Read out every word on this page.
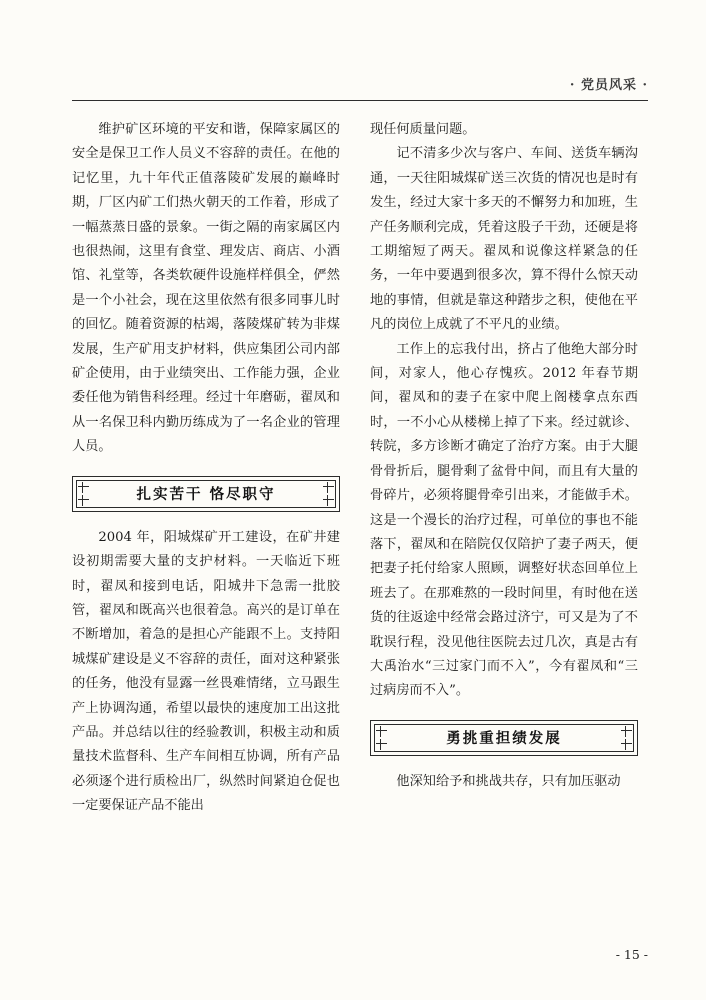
· 党员风采 ·

维护矿区环境的平安和谐，保障家属区的安全是保卫工作人员义不容辞的责任。在他的记忆里，九十年代正值落陵矿发展的巅峰时期，厂区内矿工们热火朝天的工作着，形成了一幅蒸蒸日盛的景象。一街之隔的南家属区内也很热闹，这里有食堂、理发店、商店、小酒馆、礼堂等，各类软硬件设施样样俱全，俨然是一个小社会，现在这里依然有很多同事儿时的回忆。随着资源的枯竭，落陵煤矿转为非煤发展，生产矿用支护材料，供应集团公司内部矿企使用，由于业绩突出、工作能力强，企业委任他为销售科经理。经过十年磨砺，翟凤和从一名保卫科内勤历练成为了一名企业的管理人员。

扎实苦干 恪尽职守

2004 年，阳城煤矿开工建设，在矿井建设初期需要大量的支护材料。一天临近下班时，翟凤和接到电话，阳城井下急需一批胶管，翟凤和既高兴也很着急。高兴的是订单在不断增加，着急的是担心产能跟不上。支持阳城煤矿建设是义不容辞的责任，面对这种紧张的任务，他没有显露一丝畏难情绪，立马跟生产上协调沟通，希望以最快的速度加工出这批产品。并总结以往的经验教训，积极主动和质量技术监督科、生产车间相互协调，所有产品必须逐个进行质检出厂，纵然时间紧迫仓促也一定要保证产品不能出

现任何质量问题。

记不清多少次与客户、车间、送货车辆沟通，一天往阳城煤矿送三次货的情况也是时有发生，经过大家十多天的不懈努力和加班，生产任务顺利完成，凭着这股子干劲，还硬是将工期缩短了两天。翟凤和说像这样紧急的任务，一年中要遇到很多次，算不得什么惊天动地的事情，但就是靠这种踏步之积，使他在平凡的岗位上成就了不平凡的业绩。

工作上的忘我付出，挤占了他绝大部分时间，对家人，他心存愧疚。2012 年春节期间，翟凤和的妻子在家中爬上阁楼拿点东西时，一不小心从楼梯上掉了下来。经过就诊、转院，多方诊断才确定了治疗方案。由于大腿骨骨折后，腿骨剩了盆骨中间，而且有大量的骨碎片，必须将腿骨牵引出来，才能做手术。这是一个漫长的治疗过程，可单位的事也不能落下，翟凤和在陪院仅仅陪护了妻子两天，便把妻子托付给家人照顾，调整好状态回单位上班去了。在那难熬的一段时间里，有时他在送货的往返途中经常会路过济宁，可又是为了不耽误行程，没见他往医院去过几次，真是古有大禹治水“三过家门而不入”，今有翟凤和“三过病房而不入”。

勇挑重担绩发展

他深知给予和挑战共存，只有加压驱动

- 15 -
